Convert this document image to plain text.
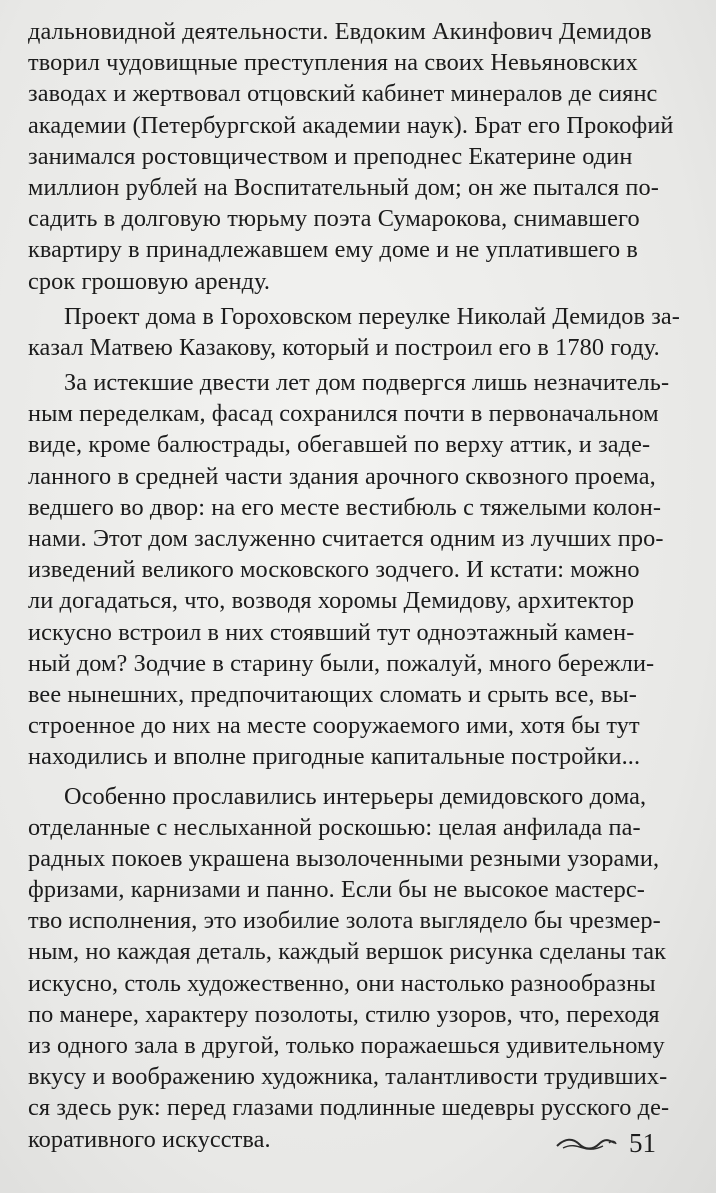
дальновидной деятельности. Евдоким Акинфович Демидов
творил чудовищные преступления на своих Невьяновских
заводах и жертвовал отцовский кабинет минералов де сиянс
академии (Петербургской академии наук). Брат его Прокофий
занимался ростовщичеством и преподнес Екатерине один
миллион рублей на Воспитательный дом; он же пытался по-
садить в долговую тюрьму поэта Сумарокова, снимавшего
квартиру в принадлежавшем ему доме и не уплатившего в
срок грошовую аренду.
Проект дома в Гороховском переулке Николай Демидов за-
казал Матвею Казакову, который и построил его в 1780 году.
За истекшие двести лет дом подвергся лишь незначитель-
ным переделкам, фасад сохранился почти в первоначальном
виде, кроме балюстрады, обегавшей по верху аттик, и заде-
ланного в средней части здания арочного сквозного проема,
ведшего во двор: на его месте вестибюль с тяжелыми колон-
нами. Этот дом заслуженно считается одним из лучших про-
изведений великого московского зодчего. И кстати: можно
ли догадаться, что, возводя хоромы Демидову, архитектор
искусно встроил в них стоявший тут одноэтажный камен-
ный дом? Зодчие в старину были, пожалуй, много бережли-
вее нынешних, предпочитающих сломать и срыть все, вы-
строенное до них на месте сооружаемого ими, хотя бы тут
находились и вполне пригодные капитальные постройки...
Особенно прославились интерьеры демидовского дома,
отделанные с неслыханной роскошью: целая анфилада па-
радных покоев украшена вызолоченными резными узорами,
фризами, карнизами и панно. Если бы не высокое мастерс-
тво исполнения, это изобилие золота выглядело бы чрезмер-
ным, но каждая деталь, каждый вершок рисунка сделаны так
искусно, столь художественно, они настолько разнообразны
по манере, характеру позолоты, стилю узоров, что, переходя
из одного зала в другой, только поражаешься удивительному
вкусу и воображению художника, талантливости трудивших-
ся здесь рук: перед глазами подлинные шедевры русского де-
коративного искусства.	51
